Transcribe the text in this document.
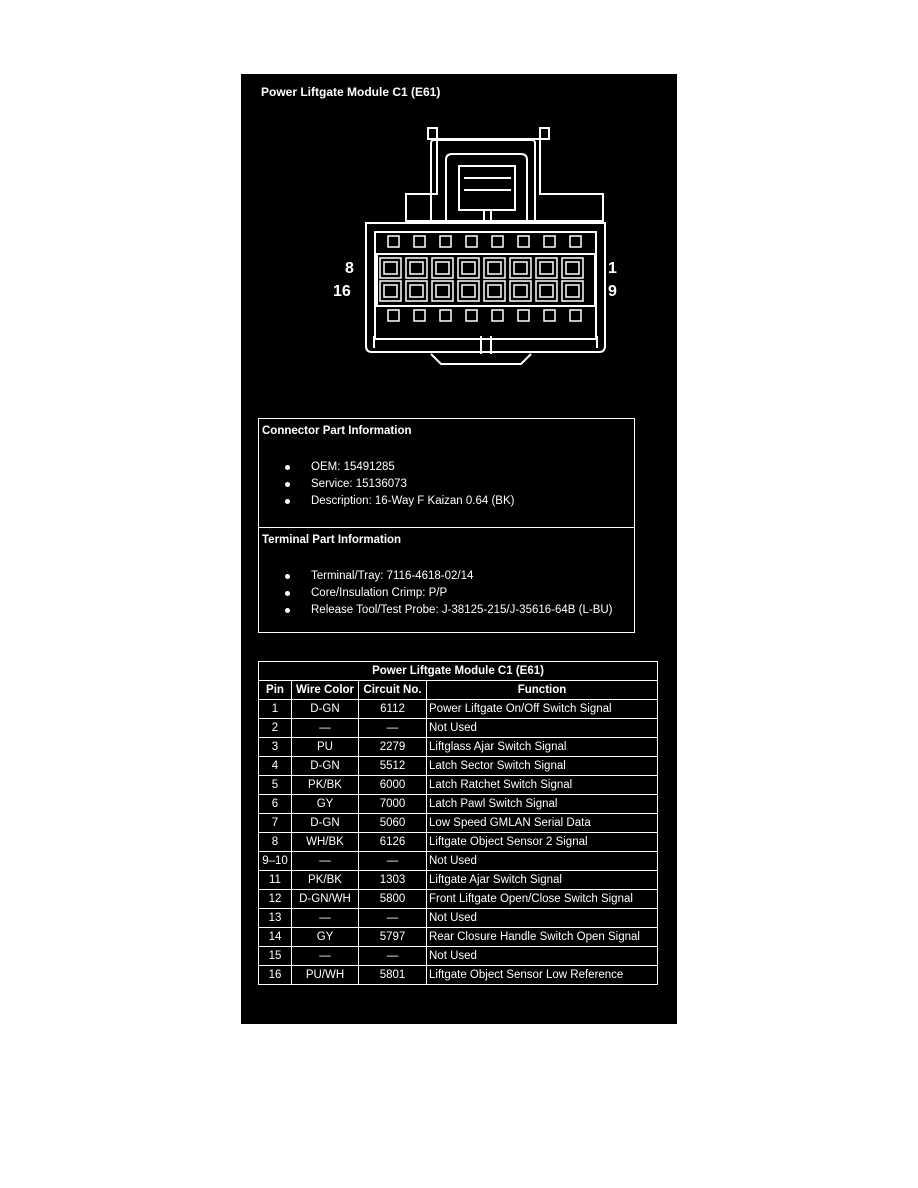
Power Liftgate Module C1 (E61)
8	1
16	9
Connector Part Information
OEM: 15491285
Service: 15136073
Description: 16-Way F Kaizan 0.64 (BK)
Terminal Part Information
Terminal/Tray: 7116-4618-02/14
Core/Insulation Crimp: P/P
Release Tool/Test Probe: J-38125-215/J-35616-64B (L-BU)
Power Liftgate Module C1 (E61)			
Pin	Wire Color	Circuit No.	Function
1	D-GN	6112	Power Liftgate On/Off Switch Signal
2	—	—	Not Used
3	PU	2279	Liftglass Ajar Switch Signal
4	D-GN	5512	Latch Sector Switch Signal
5	PK/BK	6000	Latch Ratchet Switch Signal
6	GY	7000	Latch Pawl Switch Signal
7	D-GN	5060	Low Speed GMLAN Serial Data
8	WH/BK	6126	Liftgate Object Sensor 2 Signal
9–10	—	—	Not Used
11	PK/BK	1303	Liftgate Ajar Switch Signal
12	D-GN/WH	5800	Front Liftgate Open/Close Switch Signal
13	—	—	Not Used
14	GY	5797	Rear Closure Handle Switch Open Signal
15	—	—	Not Used
16	PU/WH	5801	Liftgate Object Sensor Low Reference
